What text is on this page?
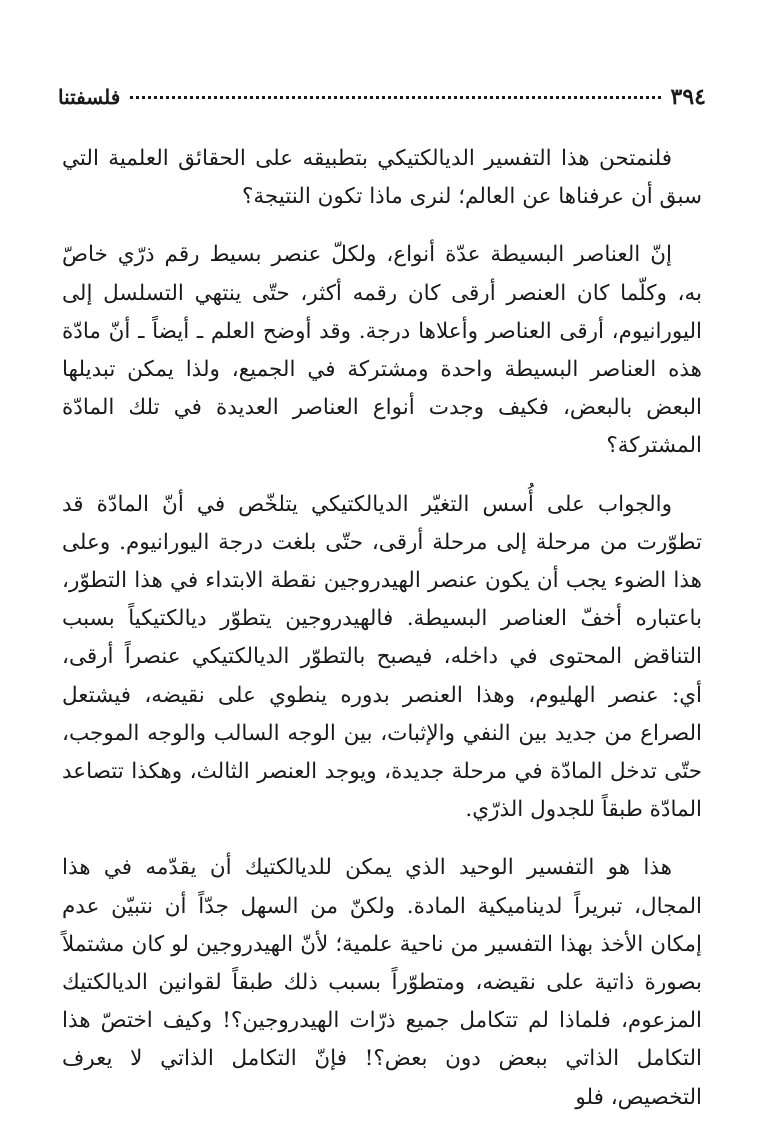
٣٩٤
فلسفتنا

فلنمتحن هذا التفسير الديالكتيكي بتطبيقه على الحقائق العلمية التي سبق أن عرفناها عن العالم؛ لنرى ماذا تكون النتيجة؟

إنّ العناصر البسيطة عدّة أنواع، ولكلّ عنصر بسيط رقم ذرّي خاصّ به، وكلّما كان العنصر أرقى كان رقمه أكثر، حتّى ينتهي التسلسل إلى اليورانيوم، أرقى العناصر وأعلاها درجة. وقد أوضح العلم ـ أيضاً ـ أنّ مادّة هذه العناصر البسيطة واحدة ومشتركة في الجميع، ولذا يمكن تبديلها البعض بالبعض، فكيف وجدت أنواع العناصر العديدة في تلك المادّة المشتركة؟

والجواب على أُسس التغيّر الديالكتيكي يتلخّص في أنّ المادّة قد تطوّرت من مرحلة إلى مرحلة أرقى، حتّى بلغت درجة اليورانيوم. وعلى هذا الضوء يجب أن يكون عنصر الهيدروجين نقطة الابتداء في هذا التطوّر، باعتباره أخفّ العناصر البسيطة. فالهيدروجين يتطوّر ديالكتيكياً بسبب التناقض المحتوى في داخله، فيصبح بالتطوّر الديالكتيكي عنصراً أرقى، أي: عنصر الهليوم، وهذا العنصر بدوره ينطوي على نقيضه، فيشتعل الصراع من جديد بين النفي والإثبات، بين الوجه السالب والوجه الموجب، حتّى تدخل المادّة في مرحلة جديدة، ويوجد العنصر الثالث، وهكذا تتصاعد المادّة طبقاً للجدول الذرّي.

هذا هو التفسير الوحيد الذي يمكن للديالكتيك أن يقدّمه في هذا المجال، تبريراً لديناميكية المادة. ولكنّ من السهل جدّاً أن نتبيّن عدم إمكان الأخذ بهذا التفسير من ناحية علمية؛ لأنّ الهيدروجين لو كان مشتملاً بصورة ذاتية على نقيضه، ومتطوّراً بسبب ذلك طبقاً لقوانين الديالكتيك المزعوم، فلماذا لم تتكامل جميع ذرّات الهيدروجين؟! وكيف اختصّ هذا التكامل الذاتي ببعض دون بعض؟! فإنّ التكامل الذاتي لا يعرف التخصيص، فلو
